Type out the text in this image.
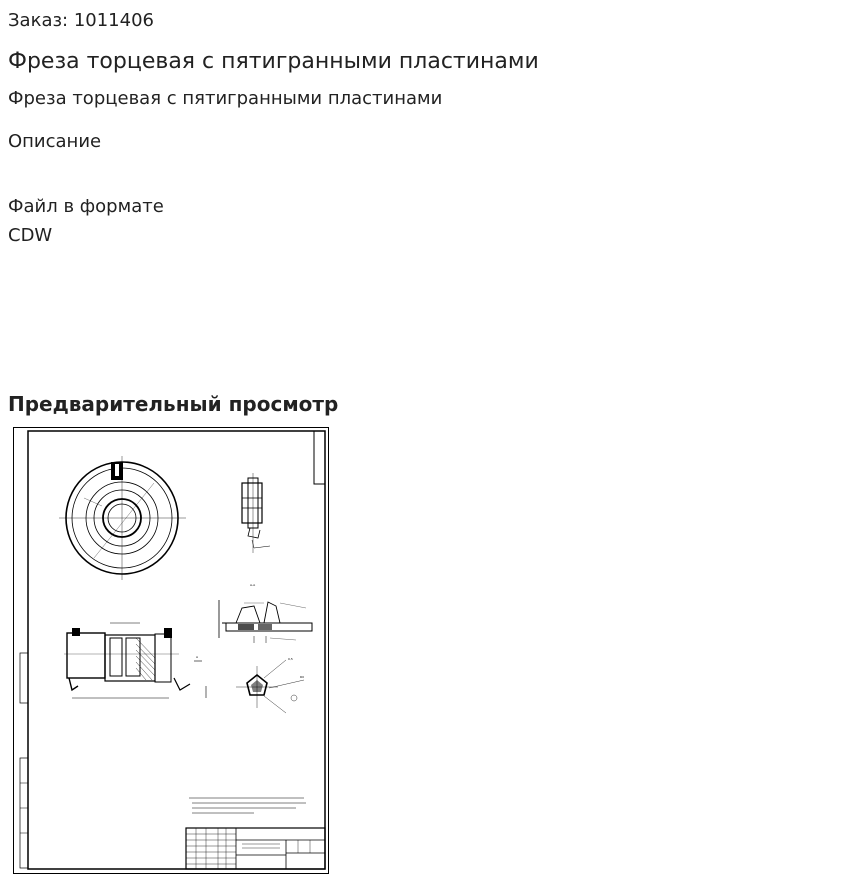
Заказ: 1011406
Фреза торцевая с пятигранными пластинами
Фреза торцевая с пятигранными пластинами
Описание
Файл в формате CDW
Предварительный просмотр
А-А
А	0,5
R0
